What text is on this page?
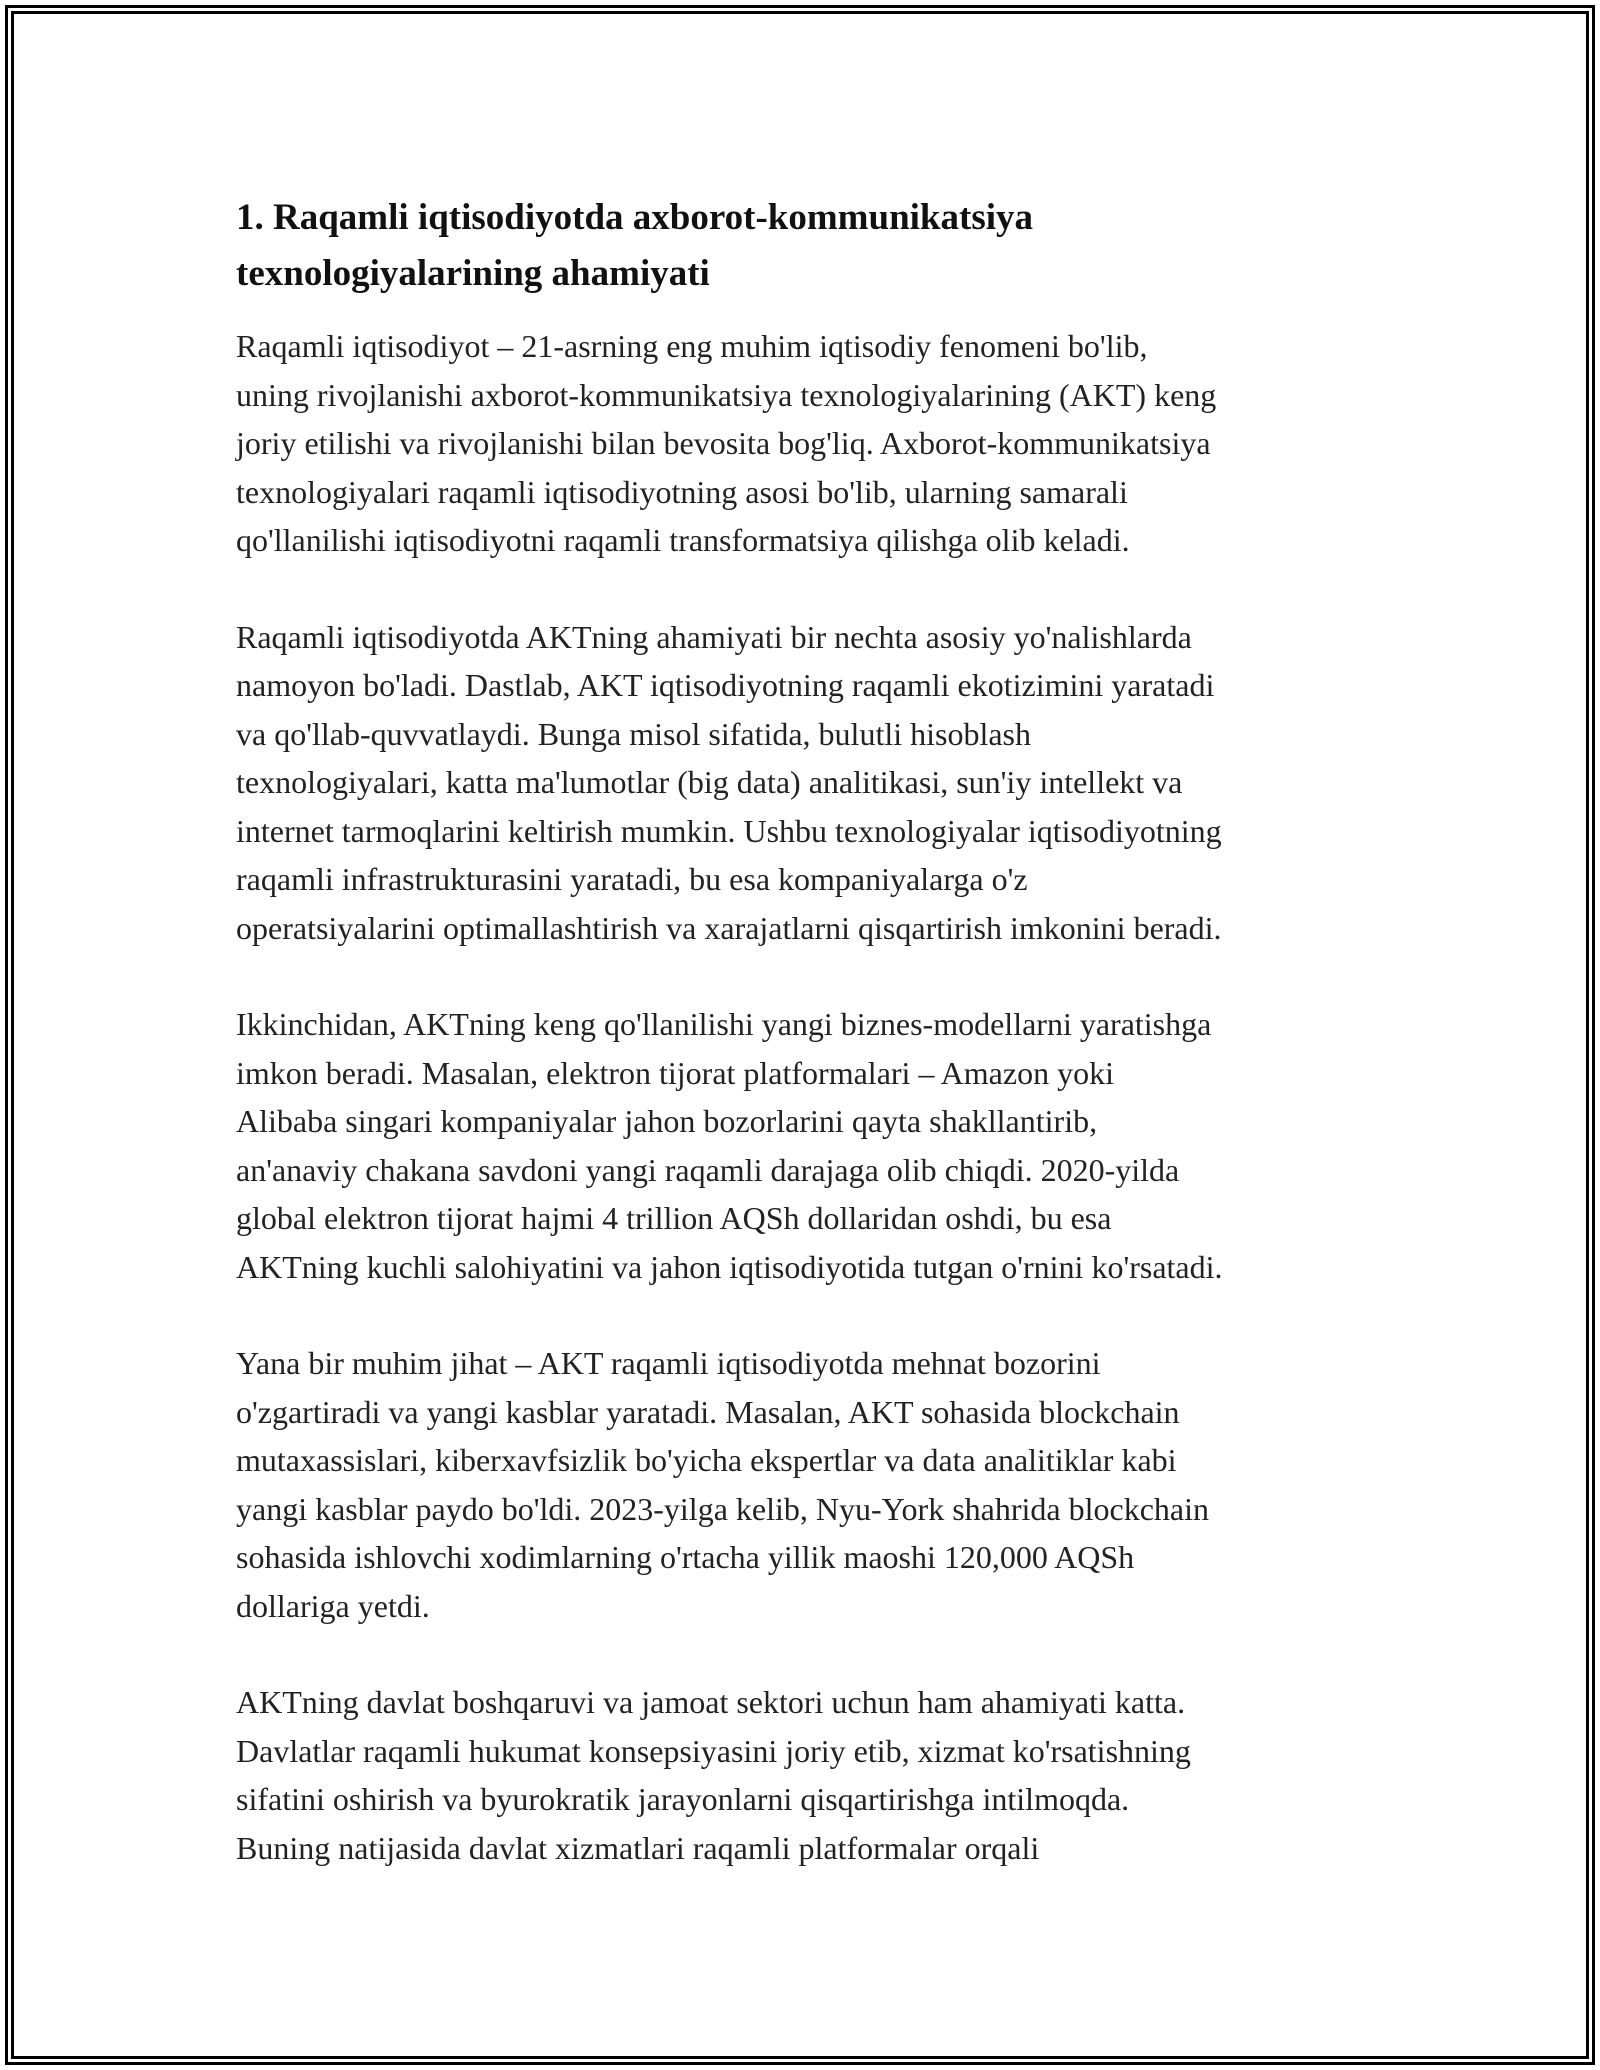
1. Raqamli iqtisodiyotda axborot-kommunikatsiya texnologiyalarining ahamiyati

Raqamli iqtisodiyot – 21-asrning eng muhim iqtisodiy fenomeni bo'lib,
uning rivojlanishi axborot-kommunikatsiya texnologiyalarining (AKT) keng
joriy etilishi va rivojlanishi bilan bevosita bog'liq. Axborot-kommunikatsiya
texnologiyalari raqamli iqtisodiyotning asosi bo'lib, ularning samarali
qo'llanilishi iqtisodiyotni raqamli transformatsiya qilishga olib keladi.

Raqamli iqtisodiyotda AKTning ahamiyati bir nechta asosiy yo'nalishlarda
namoyon bo'ladi. Dastlab, AKT iqtisodiyotning raqamli ekotizimini yaratadi
va qo'llab-quvvatlaydi. Bunga misol sifatida, bulutli hisoblash
texnologiyalari, katta ma'lumotlar (big data) analitikasi, sun'iy intellekt va
internet tarmoqlarini keltirish mumkin. Ushbu texnologiyalar iqtisodiyotning
raqamli infrastrukturasini yaratadi, bu esa kompaniyalarga o'z
operatsiyalarini optimallashtirish va xarajatlarni qisqartirish imkonini beradi.

Ikkinchidan, AKTning keng qo'llanilishi yangi biznes-modellarni yaratishga
imkon beradi. Masalan, elektron tijorat platformalari – Amazon yoki
Alibaba singari kompaniyalar jahon bozorlarini qayta shakllantirib,
an'anaviy chakana savdoni yangi raqamli darajaga olib chiqdi. 2020-yilda
global elektron tijorat hajmi 4 trillion AQSh dollaridan oshdi, bu esa
AKTning kuchli salohiyatini va jahon iqtisodiyotida tutgan o'rnini ko'rsatadi.

Yana bir muhim jihat – AKT raqamli iqtisodiyotda mehnat bozorini
o'zgartiradi va yangi kasblar yaratadi. Masalan, AKT sohasida blockchain
mutaxassislari, kiberxavfsizlik bo'yicha ekspertlar va data analitiklar kabi
yangi kasblar paydo bo'ldi. 2023-yilga kelib, Nyu-York shahrida blockchain
sohasida ishlovchi xodimlarning o'rtacha yillik maoshi 120,000 AQSh
dollariga yetdi.

AKTning davlat boshqaruvi va jamoat sektori uchun ham ahamiyati katta.
Davlatlar raqamli hukumat konsepsiyasini joriy etib, xizmat ko'rsatishning
sifatini oshirish va byurokratik jarayonlarni qisqartirishga intilmoqda.
Buning natijasida davlat xizmatlari raqamli platformalar orqali
